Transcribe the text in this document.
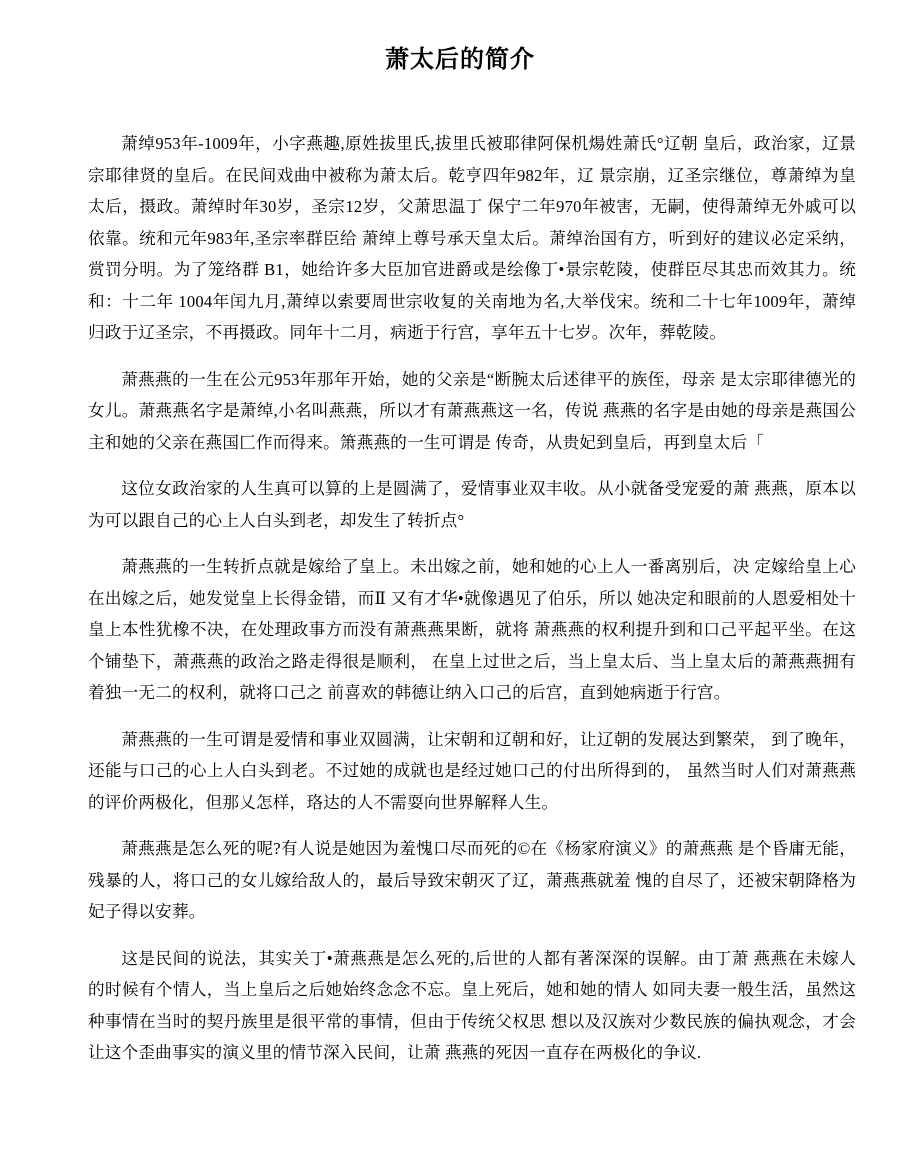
萧太后的简介

萧绰953年-1009年，小字燕趣,原姓拔里氏,拔里氏被耶律阿保机煬姓萧氏°辽朝 皇后，政治家，辽景宗耶律贤的皇后。在民间戏曲中被称为萧太后。乾亨四年982年，辽 景宗崩，辽圣宗继位，尊萧绰为皇太后，摄政。萧绰时年30岁，圣宗12岁，父萧思温丁 保宁二年970年被害，无嗣，使得萧绰无外戚可以依靠。统和元年983年,圣宗率群臣给 萧绰上尊号承天皇太后。萧绰治国有方，听到好的建议必定采纳，赏罚分明。为了笼络群 B1，她给许多大臣加官进爵或是绘像丁•景宗乾陵，使群臣尽其忠而效其力。统和：十二年 1004年闰九月,萧绰以索要周世宗收复的关南地为名,大举伐宋。统和二十七年1009年，萧绰归政于辽圣宗，不再摄政。同年十二月，病逝于行宫，享年五十七岁。次年，葬乾陵。

萧燕燕的一生在公元953年那年开始，她的父亲是“断腕太后述律平的族侄，母亲 是太宗耶律德光的女儿。萧燕燕名字是萧绰,小名叫燕燕，所以才有萧燕燕这一名，传说 燕燕的名字是由她的母亲是燕国公主和她的父亲在燕国匚作而得来。箫燕燕的一生可谓是 传奇，从贵妃到皇后，再到皇太后「

这位女政治家的人生真可以算的上是圆满了，爱情事业双丰收。从小就备受宠爱的萧 燕燕，原本以为可以跟自己的心上人白头到老，却发生了转折点°

萧燕燕的一生转折点就是嫁给了皇上。未出嫁之前，她和她的心上人一番离别后，决 定嫁给皇上心在出嫁之后，她发觉皇上长得金错，而Ⅱ 又有才华•就像遇见了伯乐，所以 她决定和眼前的人恩爱相处十皇上本性犹橡不决，在处理政事方而没有萧燕燕果断，就将 萧燕燕的权利提升到和口己平起平坐。在这个铺垫下，萧燕燕的政治之路走得很是顺利， 在皇上过世之后，当上皇太后、当上皇太后的萧燕燕拥有着独一无二的权利，就将口己之 前喜欢的韩德让纳入口己的后宫，直到她病逝于行宫。

萧燕燕的一生可谓是爱情和事业双圆满，让宋朝和辽朝和好，让辽朝的发展达到繁荣， 到了晚年，还能与口己的心上人白头到老。不过她的成就也是经过她口己的付出所得到的， 虽然当时人们对萧燕燕的评价两极化，但那乂怎样，珞达的人不需耍向世界解释人生。

萧燕燕是怎么死的呢?有人说是她因为羞愧口尽而死的©在《杨家府演义》的萧燕燕 是个昏庸无能，残暴的人，将口己的女儿嫁给敌人的，最后导致宋朝灭了辽，萧燕燕就羞 愧的自尽了，还被宋朝降格为妃子得以安葬。

这是民间的说法，其实关丁•萧燕燕是怎么死的,后世的人都有著深深的误解。由丁萧 燕燕在未嫁人的时候有个情人，当上皇后之后她始终念念不忘。皇上死后，她和她的情人 如同夫妻一般生活，虽然这种事情在当时的契丹族里是很平常的事情，但由于传统父权思 想以及汉族对少数民族的偏执观念，才会让这个歪曲事实的演义里的情节深入民间，让萧 燕燕的死因一直存在两极化的争议.
